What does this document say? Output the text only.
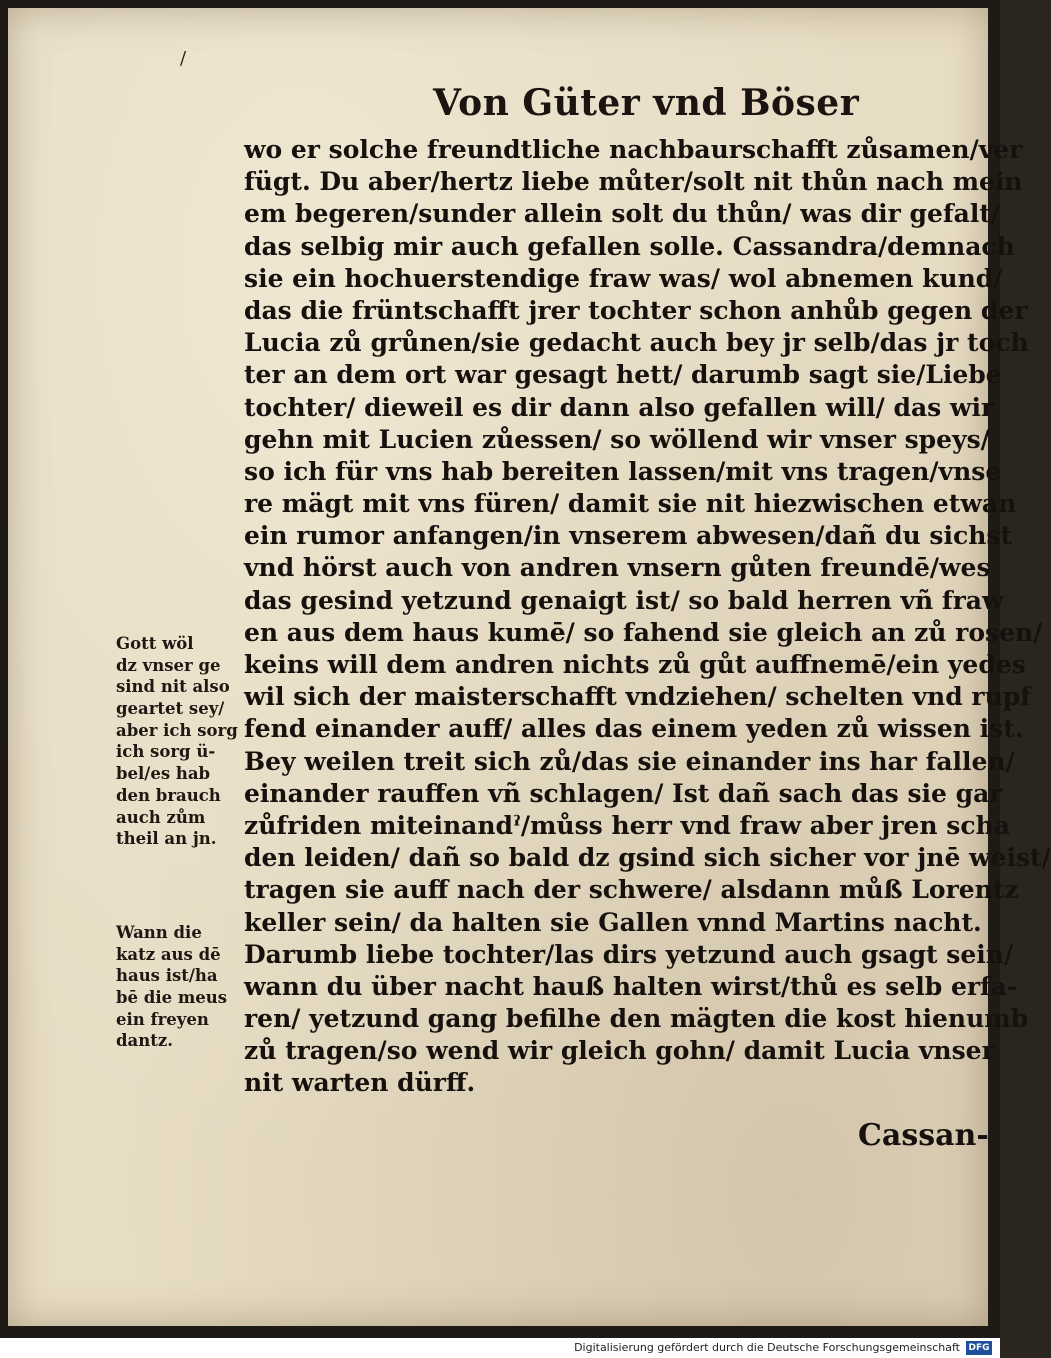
/
Von Güter vnd Böser
wo er solche freundtliche nachbaurschafft zůsamen/ver
fügt. Du aber/hertz liebe můter/solt nit thůn nach mein
em begeren/sunder allein solt du thůn/ was dir gefalt/
das selbig mir auch gefallen solle. Cassandra/demnach
sie ein hochuerstendige fraw was/ wol abnemen kund/
das die früntschafft jrer tochter schon anhůb gegen der
Lucia zů grůnen/sie gedacht auch bey jr selb/das jr toch
ter an dem ort war gesagt hett/ darumb sagt sie/Liebe
tochter/ dieweil es dir dann also gefallen will/ das wir
gehn mit Lucien zůessen/ so wöllend wir vnser speys/
so ich für vns hab bereiten lassen/mit vns tragen/vnse
re mägt mit vns füren/ damit sie nit hiezwischen etwan
ein rumor anfangen/in vnserem abwesen/dañ du sichst
vnd hörst auch von andren vnsern gůten freundē/wes
das gesind yetzund genaigt ist/ so bald herren vñ fraw
en aus dem haus kumē/ so fahend sie gleich an zů rosen/
keins will dem andren nichts zů gůt auffnemē/ein yedes
wil sich der maisterschafft vndziehen/ schelten vnd rupf
fend einander auff/ alles das einem yeden zů wissen ist.
Bey weilen treit sich zů/das sie einander ins har fallen/
einander rauffen vñ schlagen/ Ist dañ sach das sie gar
zůfriden miteinandˀ/můss herr vnd fraw aber jren scha
den leiden/ dañ so bald dz gsind sich sicher vor jnē weist/
tragen sie auff nach der schwere/ alsdann můß Lorentz
keller sein/ da halten sie Gallen vnnd Martins nacht.
Darumb liebe tochter/las dirs yetzund auch gsagt sein/
wann du über nacht hauß halten wirst/thů es selb erfa-
ren/ yetzund gang befilhe den mägten die kost hienumb
zů tragen/so wend wir gleich gohn/ damit Lucia vnser
nit warten dürff.
Gott wöl
dz vnser ge
sind nit also
geartet sey/
aber ich sorg
ich sorg ü-
bel/es hab
den brauch
auch zům
theil an jn.
Wann die
katz aus dē
haus ist/ha
bē die meus
ein freyen
dantz.
Cassan-
Digitalisierung gefördert durch die Deutsche Forschungsgemeinschaft DFG
